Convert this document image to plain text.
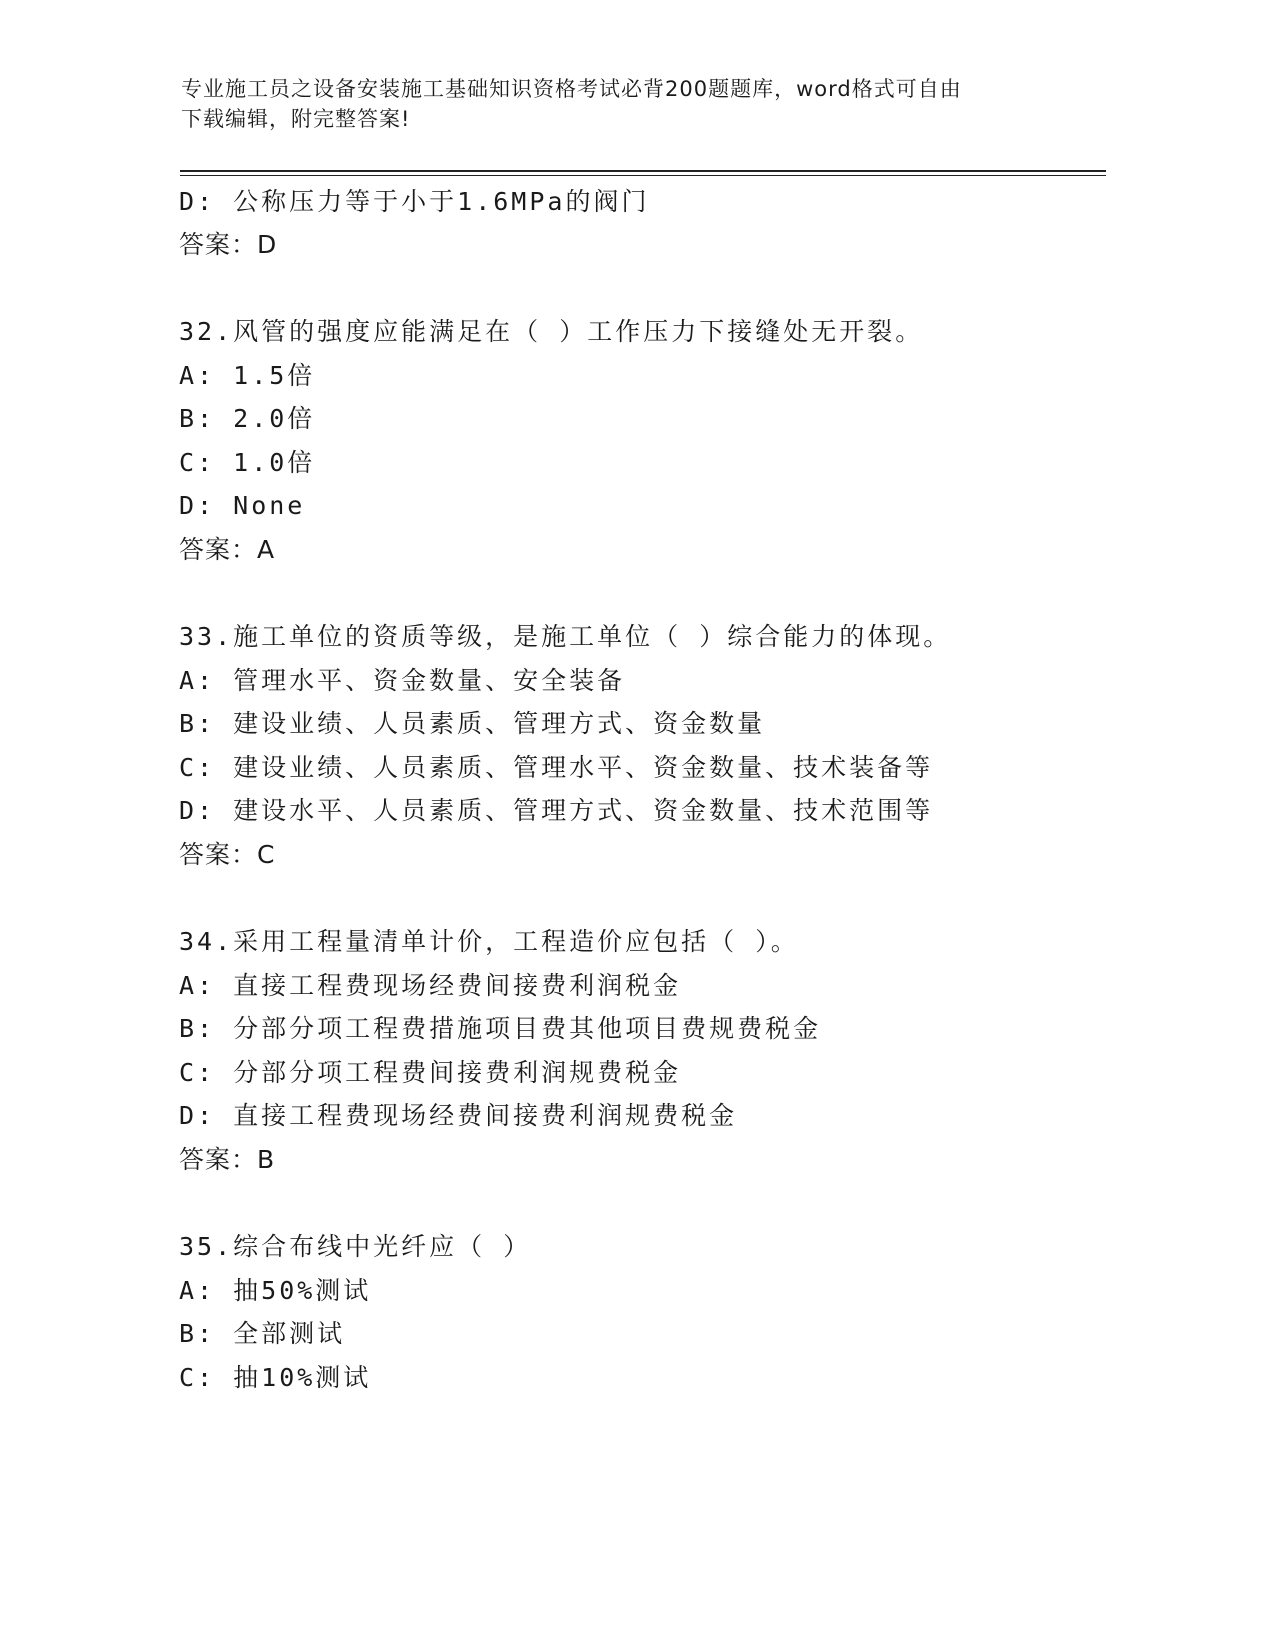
专业施工员之设备安装施工基础知识资格考试必背200题题库，word格式可自由
下载编辑，附完整答案!
D: 公称压力等于小于1.6MPa的阀门
答案：D
32.风管的强度应能满足在（ ）工作压力下接缝处无开裂。
A: 1.5倍
B: 2.0倍
C: 1.0倍
D: None
答案：A
33.施工单位的资质等级，是施工单位（ ）综合能力的体现。
A: 管理水平、资金数量、安全装备
B: 建设业绩、人员素质、管理方式、资金数量
C: 建设业绩、人员素质、管理水平、资金数量、技术装备等
D: 建设水平、人员素质、管理方式、资金数量、技术范围等
答案：C
34.采用工程量清单计价，工程造价应包括（ ）。
A: 直接工程费现场经费间接费利润税金
B: 分部分项工程费措施项目费其他项目费规费税金
C: 分部分项工程费间接费利润规费税金
D: 直接工程费现场经费间接费利润规费税金
答案：B
35.综合布线中光纤应（ ）
A: 抽50%测试
B: 全部测试
C: 抽10%测试
